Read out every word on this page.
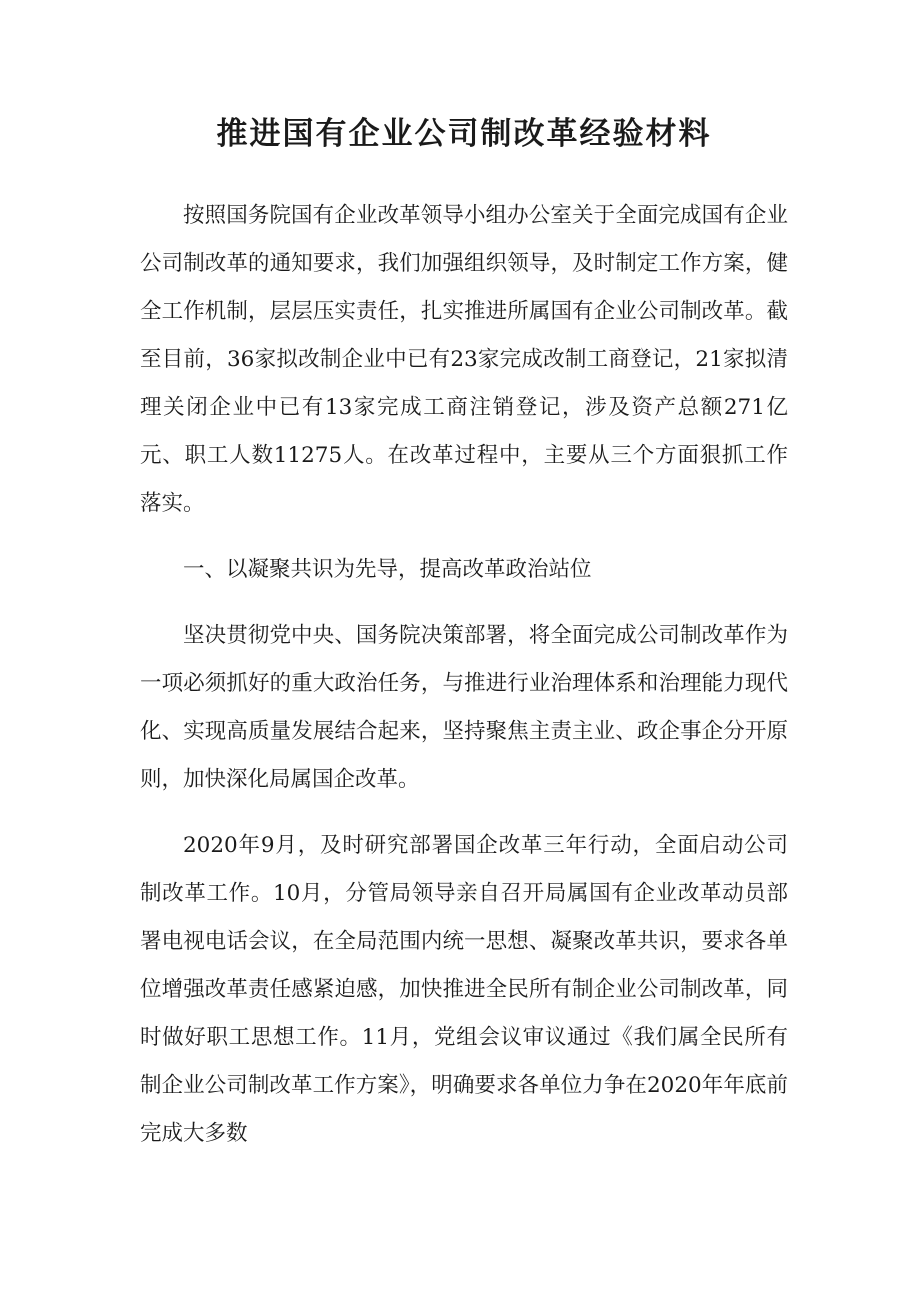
推进国有企业公司制改革经验材料

按照国务院国有企业改革领导小组办公室关于全面完成国有企业公司制改革的通知要求，我们加强组织领导，及时制定工作方案，健全工作机制，层层压实责任，扎实推进所属国有企业公司制改革。截至目前，36家拟改制企业中已有23家完成改制工商登记，21家拟清理关闭企业中已有13家完成工商注销登记，涉及资产总额271亿元、职工人数11275人。在改革过程中，主要从三个方面狠抓工作落实。

一、以凝聚共识为先导，提高改革政治站位

坚决贯彻党中央、国务院决策部署，将全面完成公司制改革作为一项必须抓好的重大政治任务，与推进行业治理体系和治理能力现代化、实现高质量发展结合起来，坚持聚焦主责主业、政企事企分开原则，加快深化局属国企改革。

2020年9月，及时研究部署国企改革三年行动，全面启动公司制改革工作。10月，分管局领导亲自召开局属国有企业改革动员部署电视电话会议，在全局范围内统一思想、凝聚改革共识，要求各单位增强改革责任感紧迫感，加快推进全民所有制企业公司制改革，同时做好职工思想工作。11月，党组会议审议通过《我们属全民所有制企业公司制改革工作方案》，明确要求各单位力争在2020年年底前完成大多数
